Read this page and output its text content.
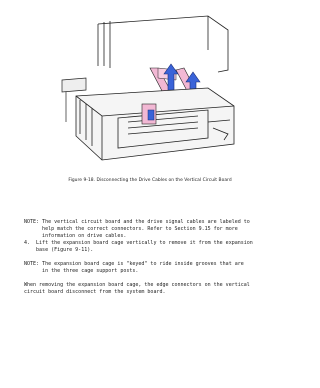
Figure 9-18. Disconnecting the Drive Cables on the Vertical Circuit Board
NOTE: The vertical circuit board and the drive signal cables are labeled to
help match the correct connectors. Refer to Section 9.15 for more
information on drive cables.
4.  Lift the expansion board cage vertically to remove it from the expansion
base (Figure 9-11).
NOTE: The expansion board cage is "keyed" to ride inside grooves that are
in the three cage support posts.
When removing the expansion board cage, the edge connectors on the vertical
circuit board disconnect from the system board.
